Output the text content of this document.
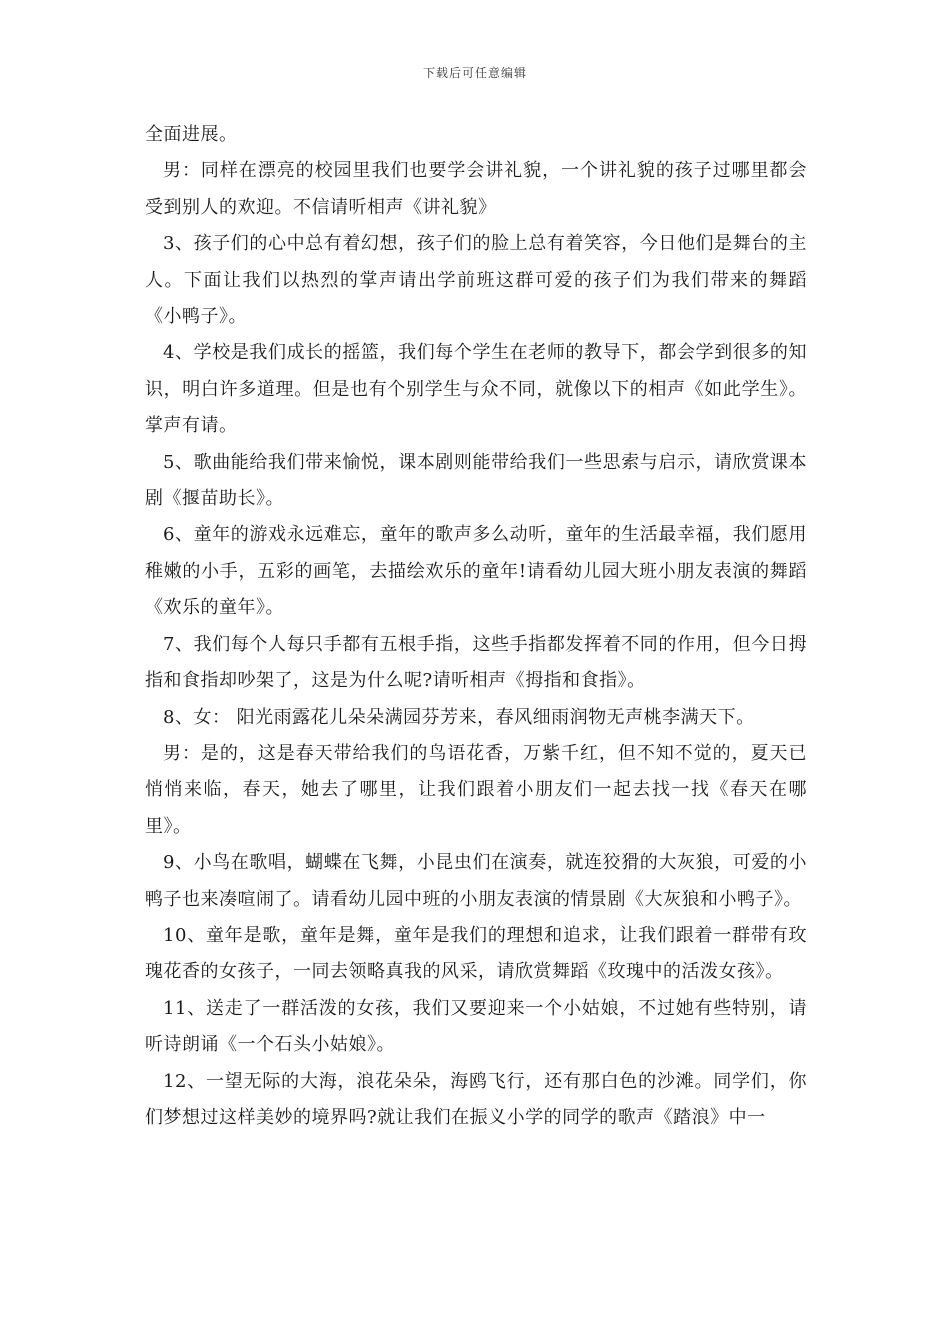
下载后可任意编辑

全面进展。

男：同样在漂亮的校园里我们也要学会讲礼貌，一个讲礼貌的孩子过哪里都会受到别人的欢迎。不信请听相声《讲礼貌》

3、孩子们的心中总有着幻想，孩子们的脸上总有着笑容，今日他们是舞台的主人。下面让我们以热烈的掌声请出学前班这群可爱的孩子们为我们带来的舞蹈《小鸭子》。

4、学校是我们成长的摇篮，我们每个学生在老师的教导下，都会学到很多的知识，明白许多道理。但是也有个别学生与众不同，就像以下的相声《如此学生》。掌声有请。

5、歌曲能给我们带来愉悦，课本剧则能带给我们一些思索与启示，请欣赏课本剧《揠苗助长》。

6、童年的游戏永远难忘，童年的歌声多么动听，童年的生活最幸福，我们愿用稚嫩的小手，五彩的画笔，去描绘欢乐的童年!请看幼儿园大班小朋友表演的舞蹈《欢乐的童年》。

7、我们每个人每只手都有五根手指，这些手指都发挥着不同的作用，但今日拇指和食指却吵架了，这是为什么呢?请听相声《拇指和食指》。

8、女： 阳光雨露花儿朵朵满园芬芳来，春风细雨润物无声桃李满天下。

男：是的，这是春天带给我们的鸟语花香，万紫千红，但不知不觉的，夏天已悄悄来临，春天，她去了哪里，让我们跟着小朋友们一起去找一找《春天在哪里》。

9、小鸟在歌唱，蝴蝶在飞舞，小昆虫们在演奏，就连狡猾的大灰狼，可爱的小鸭子也来凑喧闹了。请看幼儿园中班的小朋友表演的情景剧《大灰狼和小鸭子》。

10、童年是歌，童年是舞，童年是我们的理想和追求，让我们跟着一群带有玫瑰花香的女孩子，一同去领略真我的风采，请欣赏舞蹈《玫瑰中的活泼女孩》。

11、送走了一群活泼的女孩，我们又要迎来一个小姑娘，不过她有些特别，请听诗朗诵《一个石头小姑娘》。

12、一望无际的大海，浪花朵朵，海鸥飞行，还有那白色的沙滩。同学们，你们梦想过这样美妙的境界吗?就让我们在振义小学的同学的歌声《踏浪》中一
